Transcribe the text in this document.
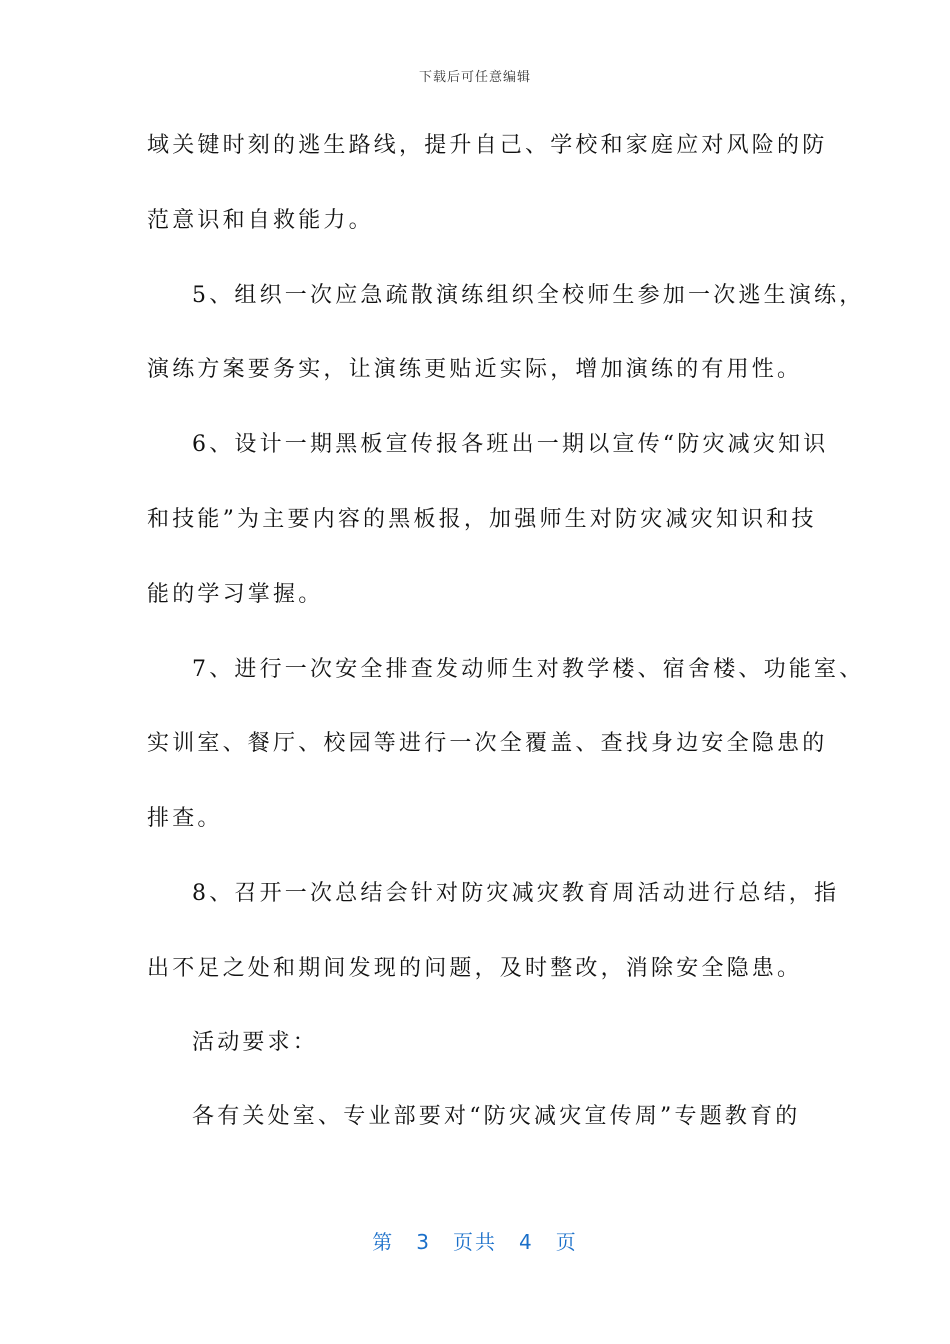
下载后可任意编辑
域关键时刻的逃生路线，提升自己、学校和家庭应对风险的防
范意识和自救能力。
5、组织一次应急疏散演练组织全校师生参加一次逃生演练，
演练方案要务实，让演练更贴近实际，增加演练的有用性。
6、设计一期黑板宣传报各班出一期以宣传“防灾减灾知识
和技能”为主要内容的黑板报，加强师生对防灾减灾知识和技
能的学习掌握。
7、进行一次安全排查发动师生对教学楼、宿舍楼、功能室、
实训室、餐厅、校园等进行一次全覆盖、查找身边安全隐患的
排查。
8、召开一次总结会针对防灾减灾教育周活动进行总结，指
出不足之处和期间发现的问题，及时整改，消除安全隐患。
活动要求：
各有关处室、专业部要对“防灾减灾宣传周”专题教育的
第 3 页共 4 页
